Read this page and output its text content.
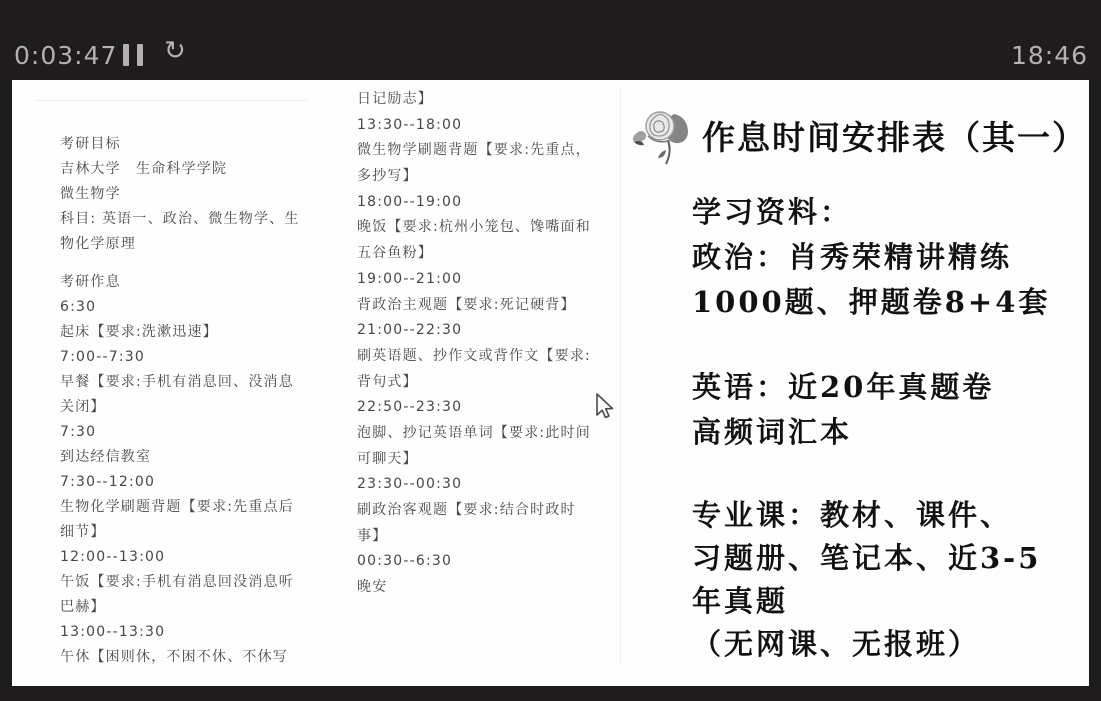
0:03:47 ↻	18:46
考研目标
吉林大学　生命科学学院
微生物学
科目: 英语一、政治、微生物学、生
物化学原理
考研作息
6:30
起床【要求:洗漱迅速】
7:00--7:30
早餐【要求:手机有消息回、没消息
关闭】
7:30
到达经信教室
7:30--12:00
生物化学刷题背题【要求:先重点后
细节】
12:00--13:00
午饭【要求:手机有消息回没消息听
巴赫】
13:00--13:30
午休【困则休，不困不休、不休写
日记励志】
13:30--18:00
微生物学刷题背题【要求:先重点，
多抄写】
18:00--19:00
晚饭【要求:杭州小笼包、馋嘴面和
五谷鱼粉】
19:00--21:00
背政治主观题【要求:死记硬背】
21:00--22:30
刷英语题、抄作文或背作文【要求:
背句式】
22:50--23:30
泡脚、抄记英语单词【要求:此时间
可聊天】
23:30--00:30
刷政治客观题【要求:结合时政时
事】
00:30--6:30
晚安
作息时间安排表（其一）
学习资料：
政治：肖秀荣精讲精练
1000题、押题卷8+4套
英语：近20年真题卷
高频词汇本
专业课：教材、课件、
习题册、笔记本、近3-5
年真题
（无网课、无报班）
